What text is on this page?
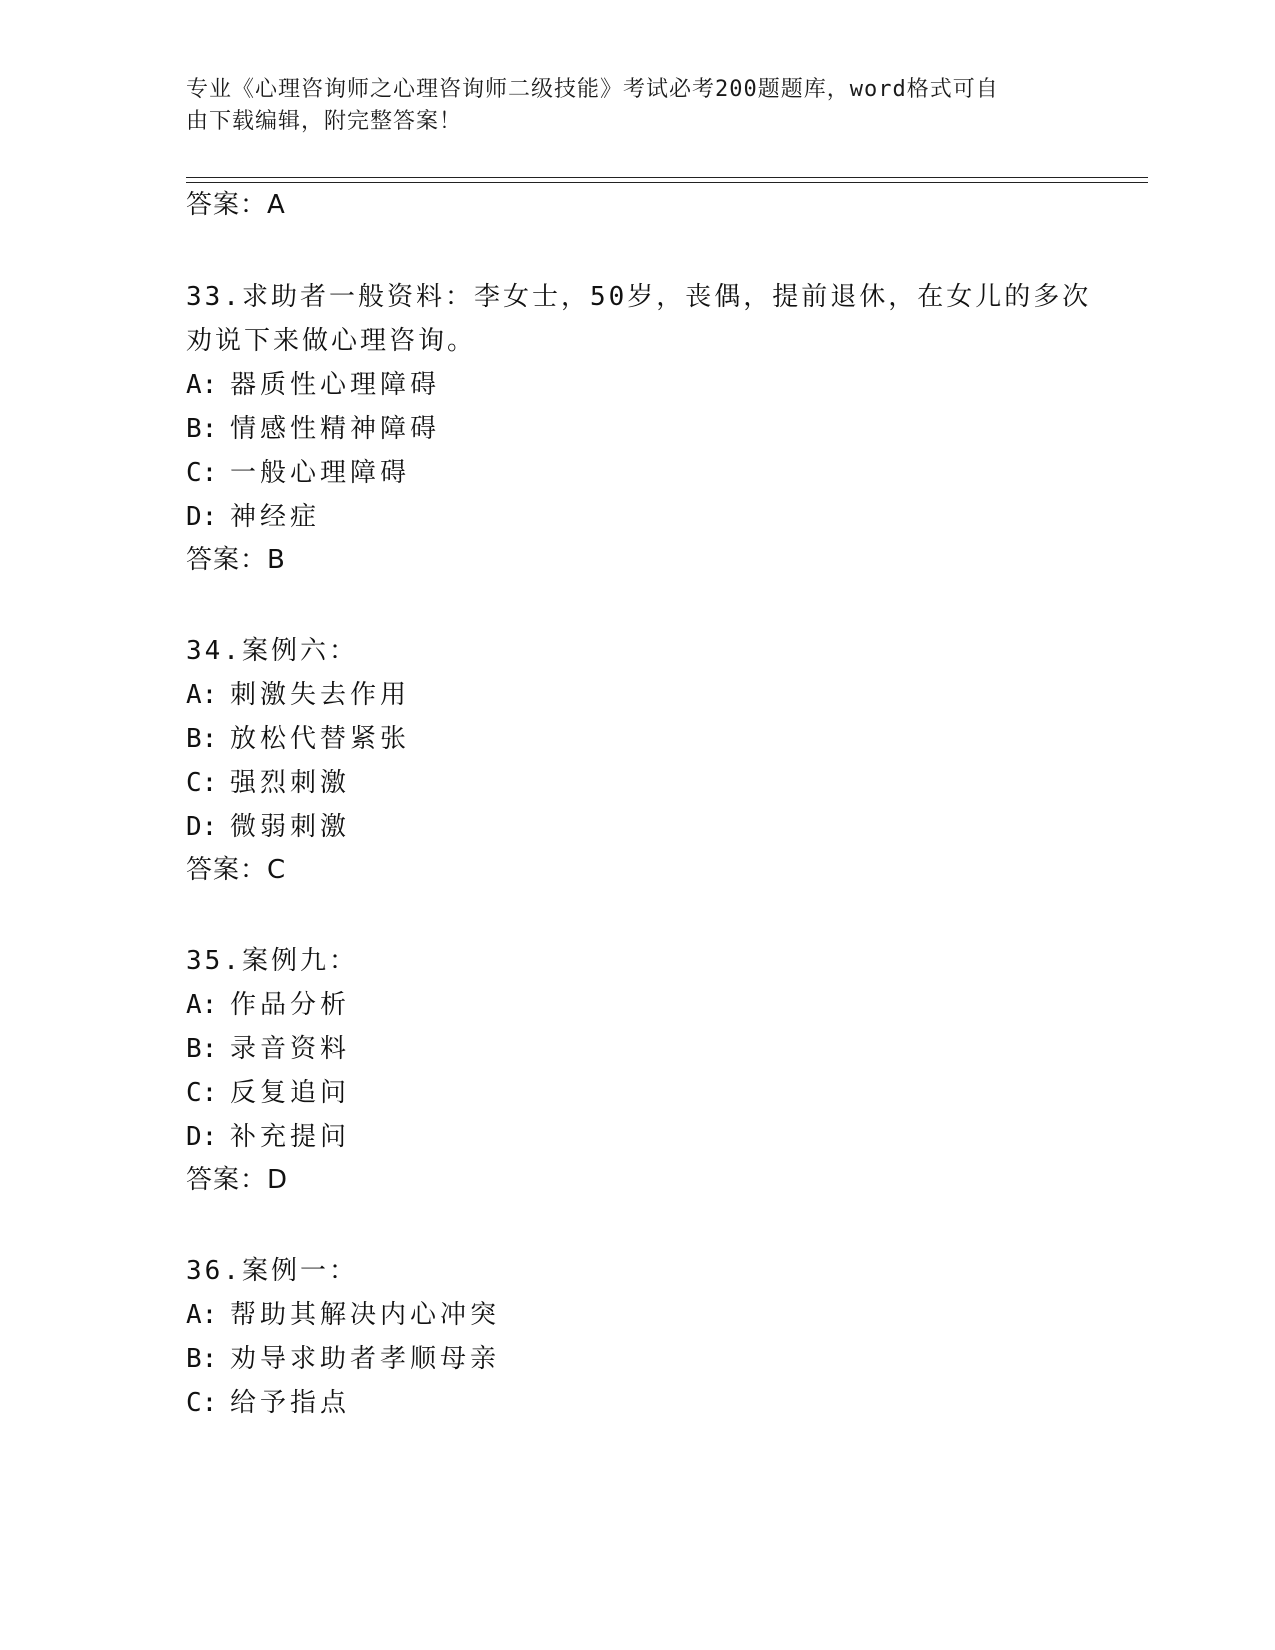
专业《心理咨询师之心理咨询师二级技能》考试必考200题题库，word格式可自
由下载编辑，附完整答案！
答案：A
33.求助者一般资料：李女士，50岁，丧偶，提前退休，在女儿的多次
劝说下来做心理咨询。
A: 器质性心理障碍
B: 情感性精神障碍
C: 一般心理障碍
D: 神经症
答案：B
34.案例六：
A: 刺激失去作用
B: 放松代替紧张
C: 强烈刺激
D: 微弱刺激
答案：C
35.案例九：
A: 作品分析
B: 录音资料
C: 反复追问
D: 补充提问
答案：D
36.案例一：
A: 帮助其解决内心冲突
B: 劝导求助者孝顺母亲
C: 给予指点
